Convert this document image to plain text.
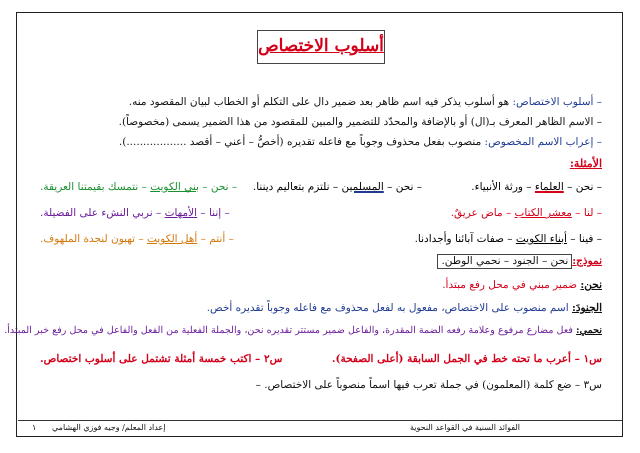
أسلوب الاختصاص
– أسلوب الاختصاص: هو أسلوب يذكر فيه اسم ظاهر بعد ضمير دال على التكلم أو الخطاب لبيان المقصود منه.
– الاسم الظاهر المعرف بـ(ال) أو بالإضافة والمحدّد للتضمير والمبين للمقصود من هذا الضمير يسمى (مخصوصاً).
– إعراب الاسم المخصوص: منصوب بفعل محذوف وجوباً مع فاعله تقديره (أخصُّ – أعني – أقصد ..................).
الأمثلة:
– نحن – العلماء – ورثة الأنبياء.
– نحن – المسلمين – نلتزم بتعاليم ديننا.
– نحن – بني الكويت – نتمسك بقيمتنا العريقة.
– لنا – معشر الكتاب – ماض عريقٌ.
– إننا – الأمهات – نربي النشء على الفضيلة.
– فينا – أبناء الكويت – صفات آبائنا وأجدادنا.
– أنتم – أهل الكويت – تهبون لنجدة الملهوف.
نموذج:نحن – الجنود – نحمي الوطن.
نحن: ضمير مبني في محل رفع مبتدأ.
الجنودَ: اسم منصوب على الاختصاص، مفعول به لفعل محذوف مع فاعله وجوباً تقديره أخص.
نحمي: فعل مضارع مرفوع وعلامة رفعه الضمة المقدرة، والفاعل ضمير مستتر تقديره نحن، والجملة الفعلية من الفعل والفاعل في محل رفع خبر المبتدأ.
س١ – أعرب ما تحته خط في الجمل السابقة (أعلى الصفحة).
س٢ – اكتب خمسة أمثلة تشتمل على أسلوب اختصاص.
س٣ – ضع كلمة (المعلمون) في جملة تعرب فيها اسماً منصوباً على الاختصاص. –
الفوائد السنية في القواعد النحوية
إعداد المعلم/ وجيه فوزي الهشامي
١
